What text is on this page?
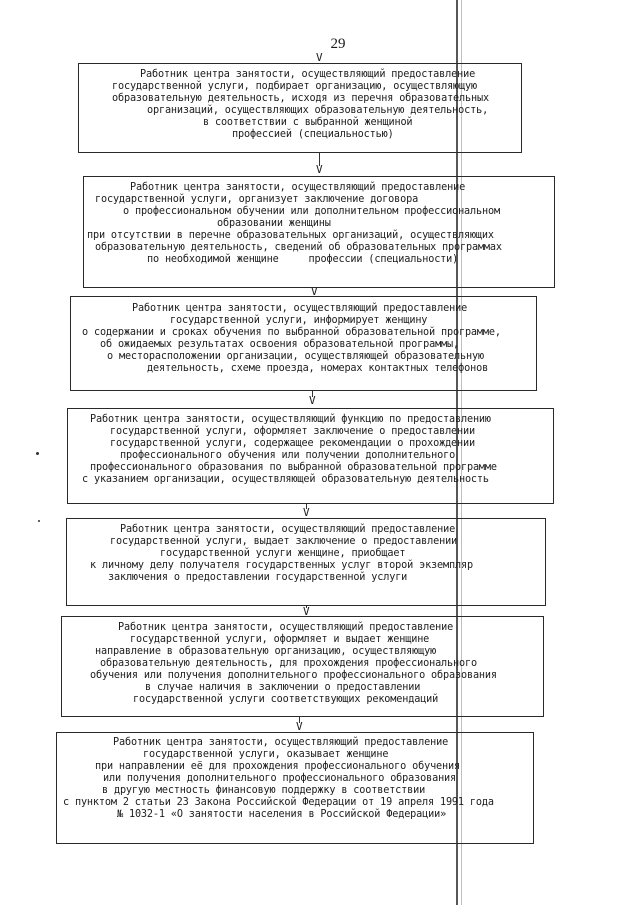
29
V
Работник центра занятости, осуществляющий предоставление
государственной услуги, подбирает организацию, осуществляющую
образовательную деятельность, исходя из перечня образовательных
организаций, осуществляющих образовательную деятельность,
в соответствии с выбранной женщиной
профессией (специальностью)
V
Работник центра занятости, осуществляющий предоставление
государственной услуги, организует заключение договора
о профессиональном обучении или дополнительном профессиональном
образовании женщины
при отсутствии в перечне образовательных организаций, осуществляющих
образовательную деятельность, сведений об образовательных программах
по необходимой женщине     профессии (специальности)
V
Работник центра занятости, осуществляющий предоставление
государственной услуги, информирует женщину
о содержании и сроках обучения по выбранной образовательной программе,
об ожидаемых результатах освоения образовательной программы,
о месторасположении организации, осуществляющей образовательную
деятельность, схеме проезда, номерах контактных телефонов
V
Работник центра занятости, осуществляющий функцию по предоставлению
государственной услуги, оформляет заключение о предоставлении
государственной услуги, содержащее рекомендации о прохождении
профессионального обучения или получении дополнительного
профессионального образования по выбранной образовательной программе
с указанием организации, осуществляющей образовательную деятельность
V
Работник центра занятости, осуществляющий предоставление
государственной услуги, выдает заключение о предоставлении
государственной услуги женщине, приобщает
к личному делу получателя государственных услуг второй экземпляр
заключения о предоставлении государственной услуги
V
Работник центра занятости, осуществляющий предоставление
государственной услуги, оформляет и выдает женщине
направление в образовательную организацию, осуществляющую
образовательную деятельность, для прохождения профессионального
обучения или получения дополнительного профессионального образования
в случае наличия в заключении о предоставлении
государственной услуги соответствующих рекомендаций
V
Работник центра занятости, осуществляющий предоставление
государственной услуги, оказывает женщине
при направлении её для прохождения профессионального обучения
или получения дополнительного профессионального образования
в другую местность финансовую поддержку в соответствии
с пунктом 2 статьи 23 Закона Российской Федерации от 19 апреля 1991 года
№ 1032-1 «О занятости населения в Российской Федерации»
